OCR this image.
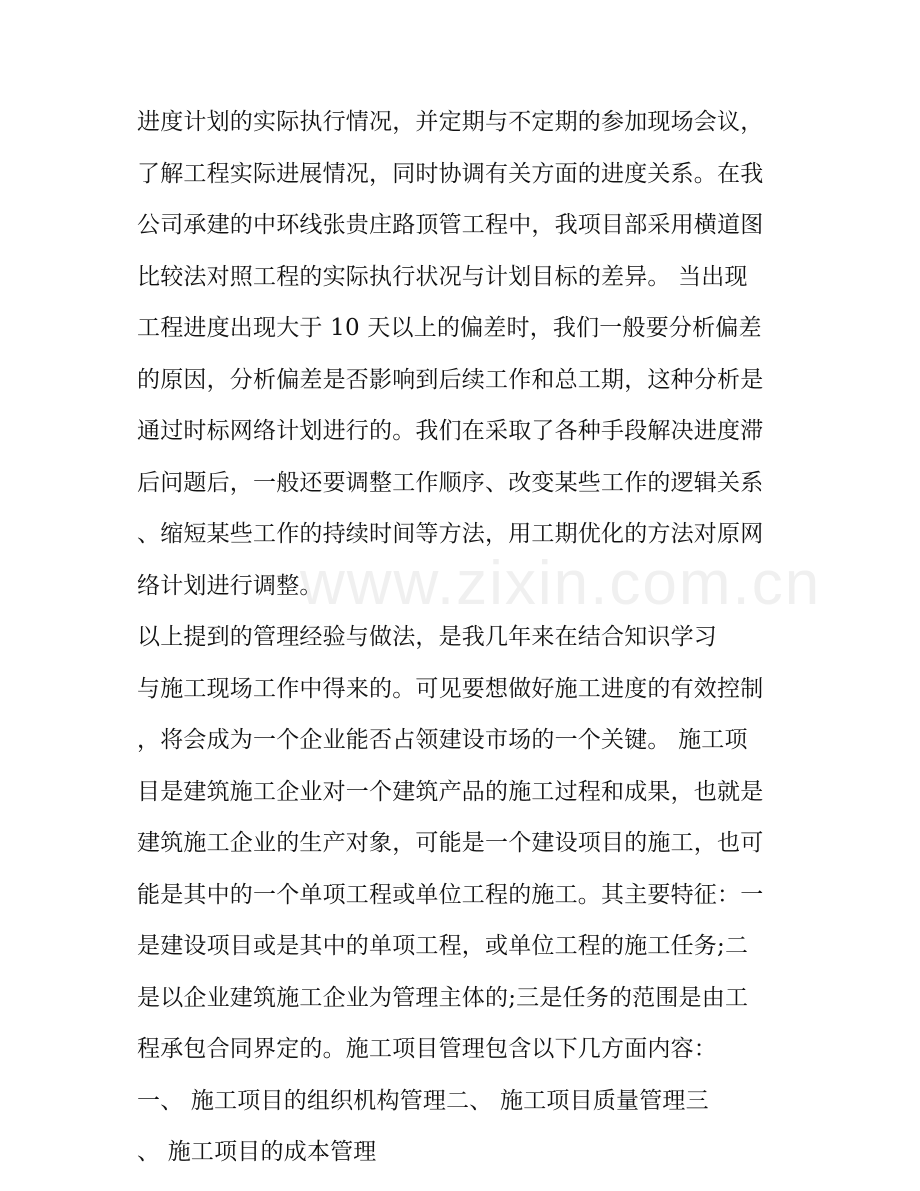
www.zixin.com.cn
进度计划的实际执行情况，并定期与不定期的参加现场会议，
了解工程实际进展情况，同时协调有关方面的进度关系。在我
公司承建的中环线张贵庄路顶管工程中，我项目部采用横道图
比较法对照工程的实际执行状况与计划目标的差异。 当出现
工程进度出现大于 10 天以上的偏差时，我们一般要分析偏差
的原因，分析偏差是否影响到后续工作和总工期，这种分析是
通过时标网络计划进行的。我们在采取了各种手段解决进度滞
后问题后，一般还要调整工作顺序、改变某些工作的逻辑关系
、缩短某些工作的持续时间等方法，用工期优化的方法对原网
络计划进行调整。
以上提到的管理经验与做法，是我几年来在结合知识学习
与施工现场工作中得来的。可见要想做好施工进度的有效控制
，将会成为一个企业能否占领建设市场的一个关键。 施工项
目是建筑施工企业对一个建筑产品的施工过程和成果，也就是
建筑施工企业的生产对象，可能是一个建设项目的施工，也可
能是其中的一个单项工程或单位工程的施工。其主要特征：一
是建设项目或是其中的单项工程，或单位工程的施工任务;二
是以企业建筑施工企业为管理主体的;三是任务的范围是由工
程承包合同界定的。施工项目管理包含以下几方面内容：
一、 施工项目的组织机构管理二、 施工项目质量管理三
、 施工项目的成本管理
